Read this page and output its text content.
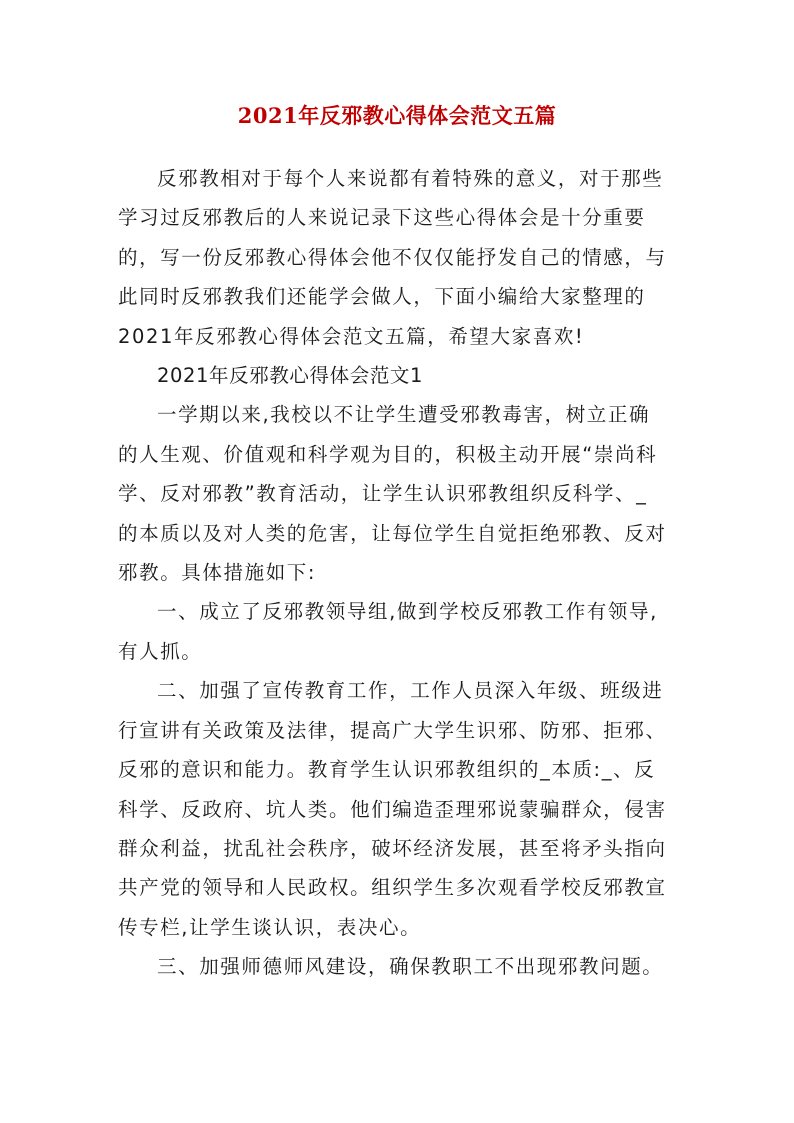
2021年反邪教心得体会范文五篇

反邪教相对于每个人来说都有着特殊的意义，对于那些
学习过反邪教后的人来说记录下这些心得体会是十分重要
的，写一份反邪教心得体会他不仅仅能抒发自己的情感，与
此同时反邪教我们还能学会做人，下面小编给大家整理的
2021年反邪教心得体会范文五篇，希望大家喜欢!

2021年反邪教心得体会范文1

一学期以来,我校以不让学生遭受邪教毒害，树立正确
的人生观、价值观和科学观为目的，积极主动开展“崇尚科
学、反对邪教”教育活动，让学生认识邪教组织反科学、_
的本质以及对人类的危害，让每位学生自觉拒绝邪教、反对
邪教。具体措施如下:

一、成立了反邪教领导组,做到学校反邪教工作有领导,
有人抓。

二、加强了宣传教育工作，工作人员深入年级、班级进
行宣讲有关政策及法律，提高广大学生识邪、防邪、拒邪、
反邪的意识和能力。教育学生认识邪教组织的_本质:_、反
科学、反政府、坑人类。他们编造歪理邪说蒙骗群众，侵害
群众利益，扰乱社会秩序，破坏经济发展，甚至将矛头指向
共产党的领导和人民政权。组织学生多次观看学校反邪教宣
传专栏,让学生谈认识，表决心。

三、加强师德师风建设，确保教职工不出现邪教问题。
